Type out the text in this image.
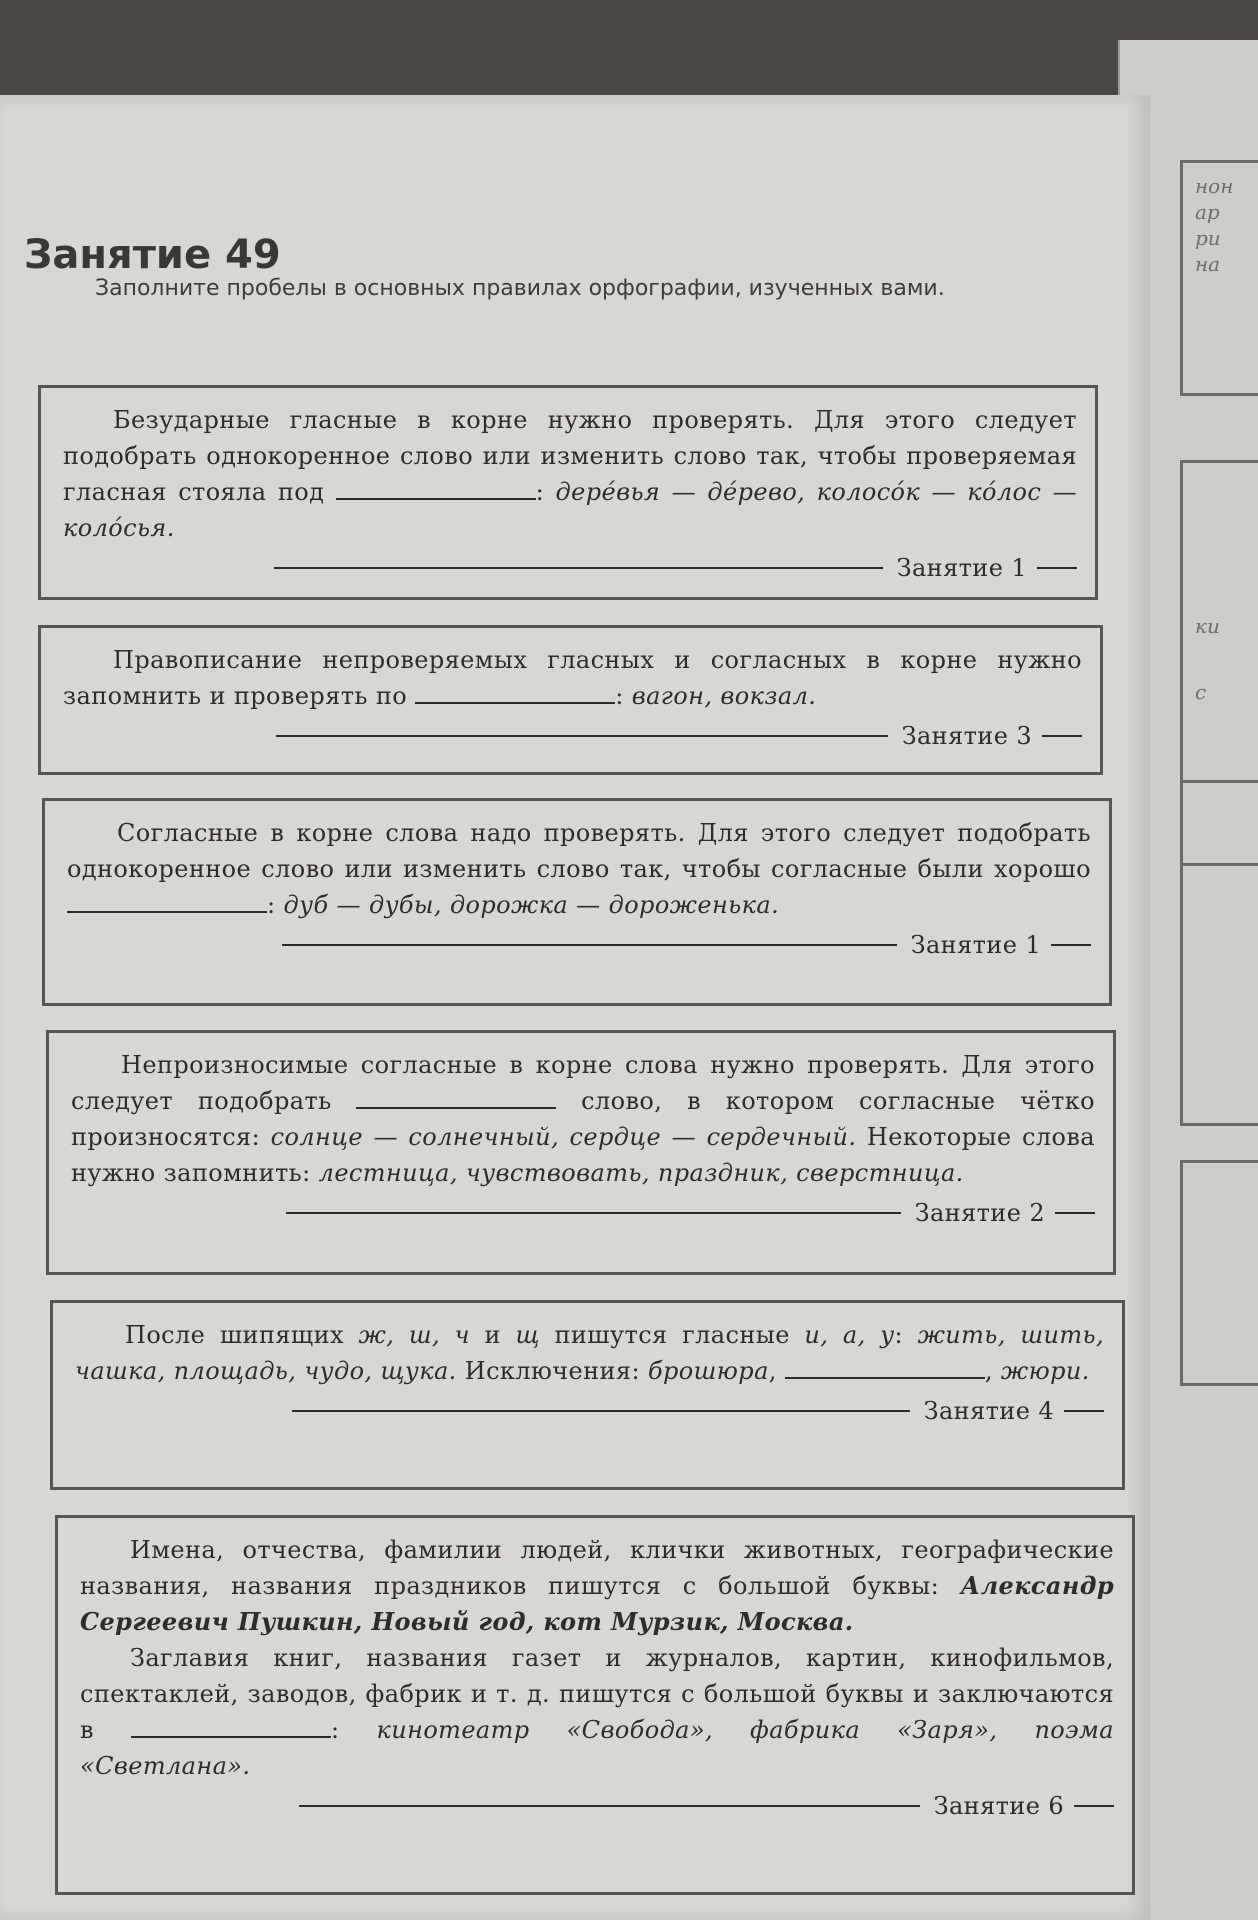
нон
ар
ри
на
ки
с
Занятие 49
Заполните пробелы в основных правилах орфографии, изученных вами.

Безударные гласные в корне нужно проверять. Для этого следует подобрать однокоренное слово или изменить слово так, чтобы проверяемая гласная стояла под	: дерéвья — дéрево, колосóк — кóлос — колóсья.

Занятие 1

Правописание непроверяемых гласных и согласных в корне нужно запомнить и проверять по	: вагон, вокзал.

Занятие 3

Согласные в корне слова надо проверять. Для этого следует подобрать однокоренное слово или изменить слово так, чтобы согласные были хорошо : дуб — дубы, дорожка — дороженька.

Занятие 1

Непроизносимые согласные в корне слова нужно проверять. Для этого следует подобрать	слово, в котором согласные чётко произносятся: солнце — солнечный, сердце — сердечный. Некоторые слова нужно запомнить: лестница, чувствовать, праздник, сверстница.

Занятие 2

После шипящих ж, ш, ч и щ пишутся гласные и, а, у: жить, шить, чашка, площадь, чудо, щука. Исключения: брошюра,	, жюри.

Занятие 4

Имена, отчества, фамилии людей, клички животных, географические названия, названия праздников пишутся с большой буквы: Александр Сергеевич Пушкин, Новый год, кот Мурзик, Москва.

Заглавия книг, названия газет и журналов, картин, кинофильмов, спектаклей, заводов, фабрик и т. д. пишутся с большой буквы и заключаются в	: кинотеатр «Свобода», фабрика «Заря», поэма «Светлана».

Занятие 6
